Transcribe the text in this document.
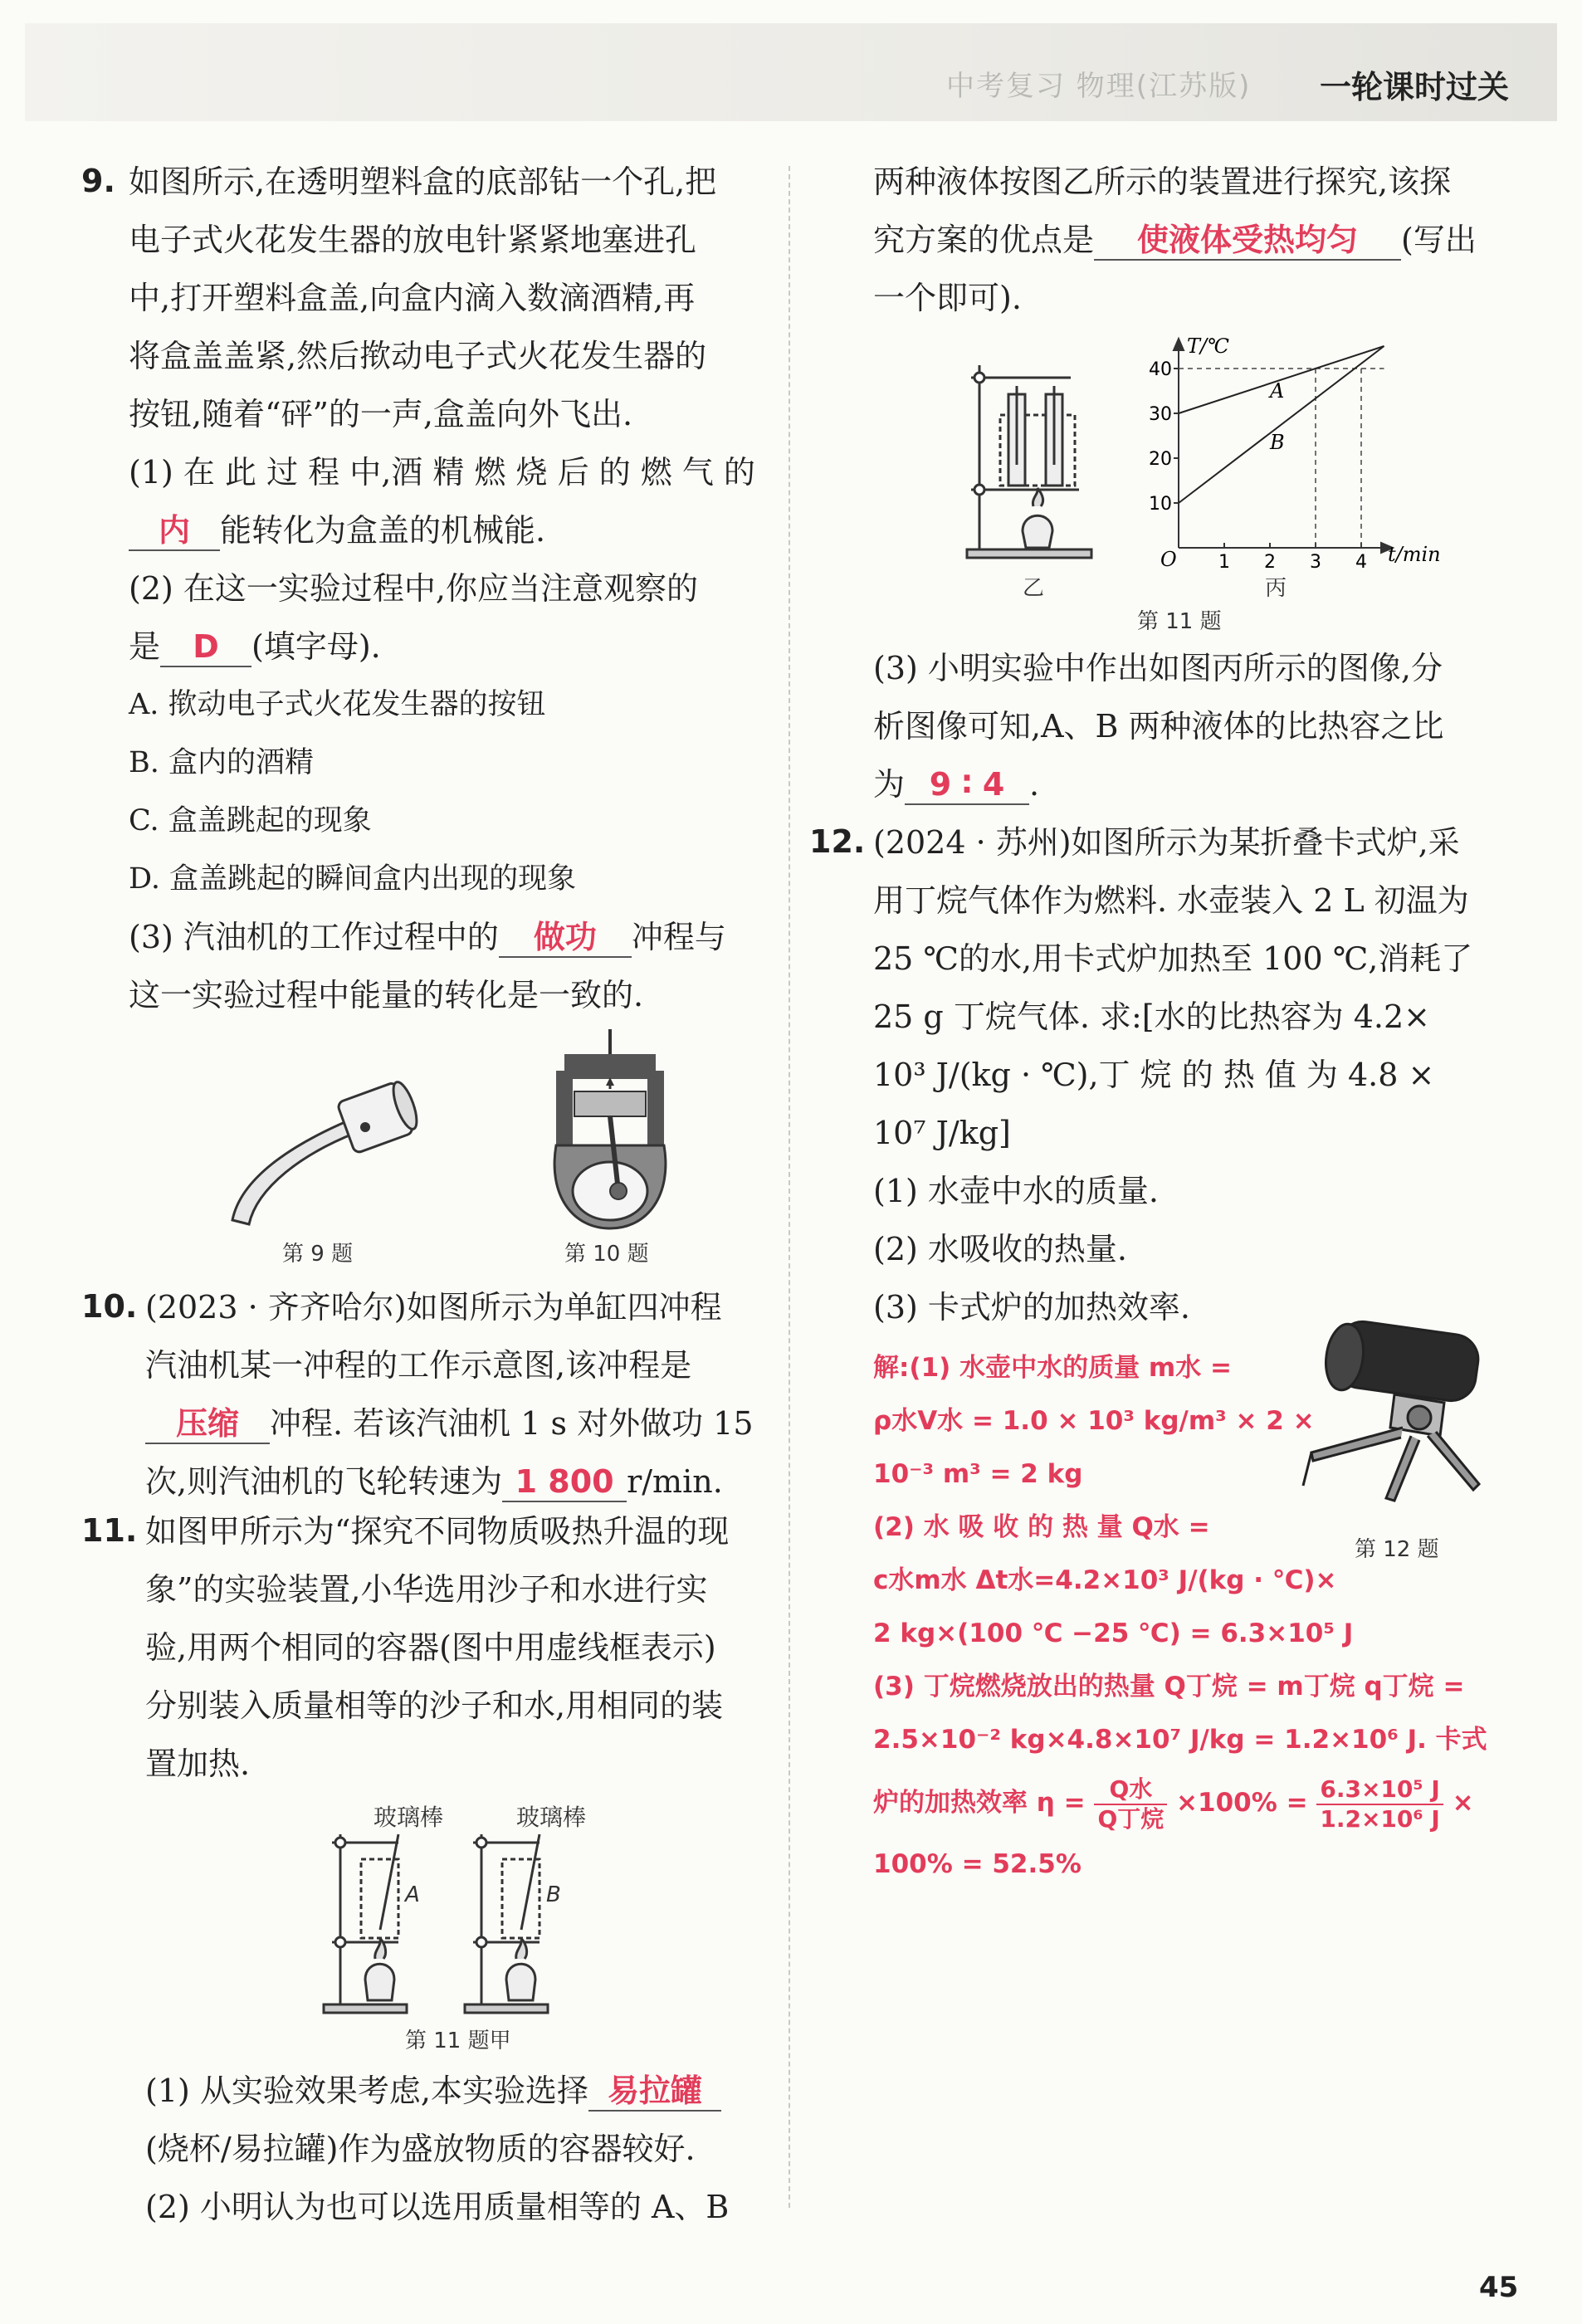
中考复习 物理(江苏版) 一轮课时过关
9. 如图所示,在透明塑料盒的底部钻一个孔,把
电子式火花发生器的放电针紧紧地塞进孔
中,打开塑料盒盖,向盒内滴入数滴酒精,再
将盒盖盖紧,然后揿动电子式火花发生器的
按钮,随着“砰”的一声,盒盖向外飞出.
(1) 在 此 过 程 中,酒 精 燃 烧 后 的 燃 气 的
内 能转化为盒盖的机械能.
(2) 在这一实验过程中,你应当注意观察的
是 D (填字母).
A. 揿动电子式火花发生器的按钮
B. 盒内的酒精
C. 盒盖跳起的现象
D. 盒盖跳起的瞬间盒内出现的现象
(3) 汽油机的工作过程中的 做功 冲程与
这一实验过程中能量的转化是一致的.
第 9 题	第 10 题
10. (2023 · 齐齐哈尔)如图所示为单缸四冲程
汽油机某一冲程的工作示意图,该冲程是
压缩 冲程. 若该汽油机 1 s 对外做功 15
次,则汽油机的飞轮转速为 1 800 r/min.
11. 如图甲所示为“探究不同物质吸热升温的现
象”的实验装置,小华选用沙子和水进行实
验,用两个相同的容器(图中用虚线框表示)
分别装入质量相等的沙子和水,用相同的装
置加热.
玻璃棒	玻璃棒
A	B
第 11 题甲
(1) 从实验效果考虑,本实验选择 易拉罐
(烧杯/易拉罐)作为盛放物质的容器较好.
(2) 小明认为也可以选用质量相等的 A、B
两种液体按图乙所示的装置进行探究,该探
究方案的优点是 使液体受热均匀 (写出
一个即可).
乙
10
20
30
40
1 2 3 4
T/℃
t/min
O
A
B
丙
第 11 题
(3) 小明实验中作出如图丙所示的图像,分
析图像可知,A、B 两种液体的比热容之比
为 9 ∶ 4 .
12. (2024 · 苏州)如图所示为某折叠卡式炉,采
用丁烷气体作为燃料. 水壶装入 2 L 初温为
25 ℃的水,用卡式炉加热至 100 ℃,消耗了
25 g 丁烷气体. 求:[水的比热容为 4.2×
10³ J/(kg · ℃),丁 烷 的 热 值 为 4.8 ×
10⁷ J/kg]
(1) 水壶中水的质量.
(2) 水吸收的热量.
(3) 卡式炉的加热效率.
解:(1) 水壶中水的质量 m水 =
ρ水V水 = 1.0 × 10³ kg/m³ × 2 ×
10⁻³ m³ = 2 kg
(2) 水 吸 收 的 热 量 Q水 =
c水m水 Δt水=4.2×10³ J/(kg · ℃)×
2 kg×(100 ℃ −25 ℃) = 6.3×10⁵ J
(3) 丁烷燃烧放出的热量 Q丁烷 = m丁烷 q丁烷 =
2.5×10⁻² kg×4.8×10⁷ J/kg = 1.2×10⁶ J. 卡式
炉的加热效率 $\eta = \frac{\text{Q水}}{\text{Q丁烷}} \times 100\% = \frac{\text{6.3×10⁵ J}}{\text{1.2×10⁶ J}}$ ×
100% = 52.5%
第 12 题
45
